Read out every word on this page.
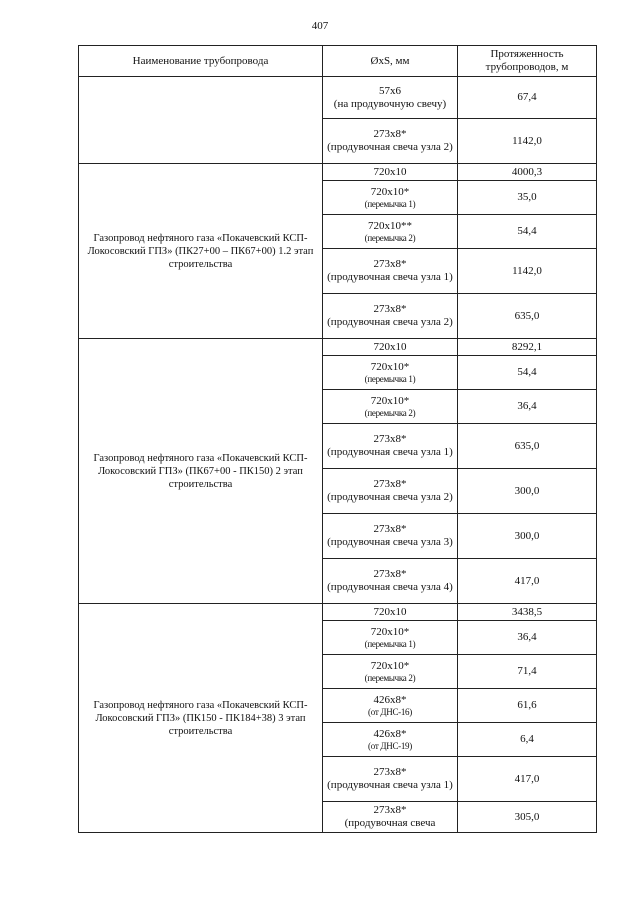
407
Наименование трубопровода	ØxS, мм	Протяженность трубопроводов, м

	57х6
(на продувочную свечу)	67,4

	273х8*
(продувочная свеча узла 2)	1142,0
Газопровод нефтяного газа «Покачевский КСП-Локосовский ГПЗ» (ПК27+00 – ПК67+00) 1.2 этап строительства	720х10	4000,3

	720х10*
(перемычка 1)	35,0

	720х10**
(перемычка 2)	54,4

	273х8*
(продувочная свеча узла 1)	1142,0

	273х8*
(продувочная свеча узла 2)	635,0
Газопровод нефтяного газа «Покачевский КСП-Локосовский ГПЗ» (ПК67+00 - ПК150) 2 этап строительства	720х10	8292,1

	720х10*
(перемычка 1)	54,4

	720х10*
(перемычка 2)	36,4

	273х8*
(продувочная свеча узла 1)	635,0

	273х8*
(продувочная свеча узла 2)	300,0

	273х8*
(продувочная свеча узла 3)	300,0

	273х8*
(продувочная свеча узла 4)	417,0
Газопровод нефтяного газа «Покачевский КСП-Локосовский ГПЗ» (ПК150 - ПК184+38) 3 этап строительства	720х10	3438,5

	720х10*
(перемычка 1)	36,4

	720х10*
(перемычка 2)	71,4

	426х8*
(от ДНС-16)	61,6

	426х8*
(от ДНС-19)	6,4

	273х8*
(продувочная свеча узла 1)	417,0

	273х8*
(продувочная свеча	305,0
